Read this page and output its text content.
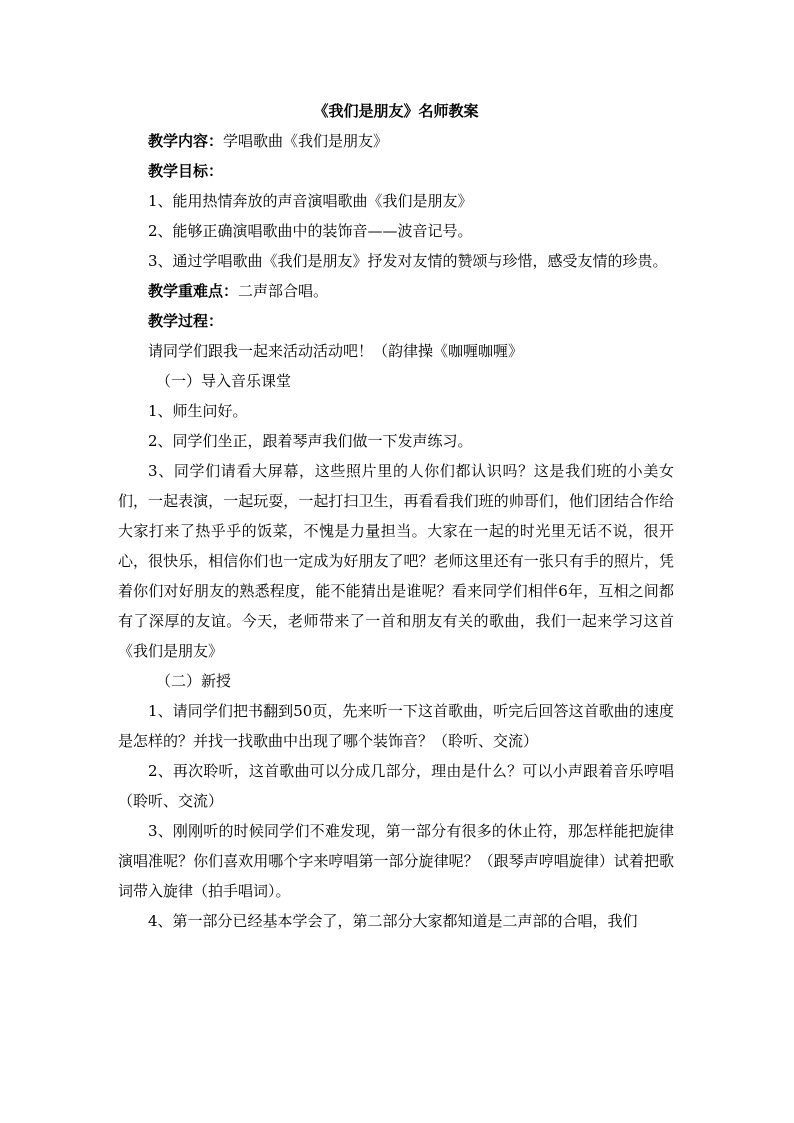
《我们是朋友》名师教案

教学内容：学唱歌曲《我们是朋友》

教学目标：

1、能用热情奔放的声音演唱歌曲《我们是朋友》

2、能够正确演唱歌曲中的装饰音——波音记号。

3、通过学唱歌曲《我们是朋友》抒发对友情的赞颂与珍惜，感受友情的珍贵。

教学重难点：二声部合唱。

教学过程：

请同学们跟我一起来活动活动吧！（韵律操《咖喱咖喱》

（一）导入音乐课堂

1、师生问好。

2、同学们坐正，跟着琴声我们做一下发声练习。

3、同学们请看大屏幕，这些照片里的人你们都认识吗？这是我们班的小美女们，一起表演，一起玩耍，一起打扫卫生，再看看我们班的帅哥们，他们团结合作给大家打来了热乎乎的饭菜，不愧是力量担当。大家在一起的时光里无话不说，很开心，很快乐，相信你们也一定成为好朋友了吧？老师这里还有一张只有手的照片，凭着你们对好朋友的熟悉程度，能不能猜出是谁呢？看来同学们相伴6年，互相之间都有了深厚的友谊。今天，老师带来了一首和朋友有关的歌曲，我们一起来学习这首《我们是朋友》

（二）新授

1、请同学们把书翻到50页，先来听一下这首歌曲，听完后回答这首歌曲的速度是怎样的？并找一找歌曲中出现了哪个装饰音？（聆听、交流）

2、再次聆听，这首歌曲可以分成几部分，理由是什么？可以小声跟着音乐哼唱（聆听、交流）

3、刚刚听的时候同学们不难发现，第一部分有很多的休止符，那怎样能把旋律演唱准呢？你们喜欢用哪个字来哼唱第一部分旋律呢？（跟琴声哼唱旋律）试着把歌词带入旋律（拍手唱词）。

4、第一部分已经基本学会了，第二部分大家都知道是二声部的合唱，我们
